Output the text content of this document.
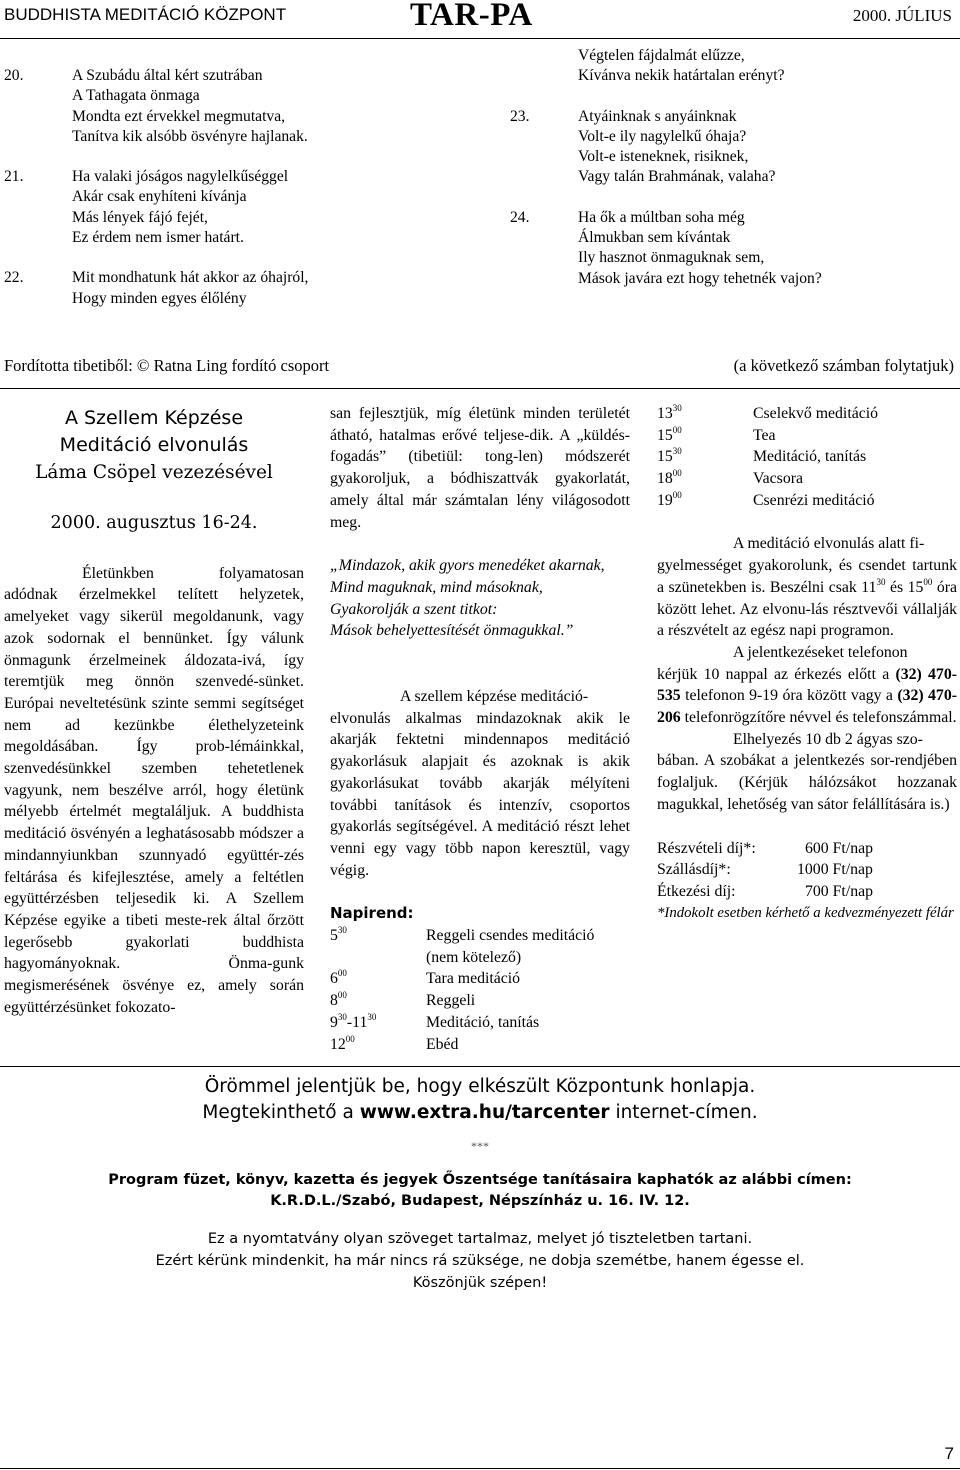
BUDDHISTA MEDITÁCIÓ KÖZPONT	TAR-PA	2000. JÚLIUS
20.	A Szubádu által kért szutrában
A Tathagata önmaga
Mondta ezt érvekkel megmutatva,
Tanítva kik alsóbb ösvényre hajlanak.
21.	Ha valaki jóságos nagylelkűséggel
Akár csak enyhíteni kívánja
Más lények fájó fejét,
Ez érdem nem ismer határt.
22.	Mit mondhatunk hát akkor az óhajról,
Hogy minden egyes élőlény
Végtelen fájdalmát elűzze,
Kívánva nekik határtalan erényt?
23.	Atyáinknak s anyáinknak
Volt-e ily nagylelkű óhaja?
Volt-e isteneknek, risiknek,
Vagy talán Brahmának, valaha?
24.	Ha ők a múltban soha még
Álmukban sem kívántak
Ily hasznot önmaguknak sem,
Mások javára ezt hogy tehetnék vajon?
Fordította tibetiből: © Ratna Ling fordító csoport	(a következő számban folytatjuk)
A Szellem Képzése
Meditáció elvonulás
Láma Csöpel vezezésével
2000. augusztus 16-24.

Életünkben folyamatosan

adódnak érzelmekkel telített helyzetek, amelyeket vagy sikerül megoldanunk, vagy azok sodornak el bennünket. Így válunk önmagunk érzelmeinek áldozata-ivá, így teremtjük meg önnön szenvedé-sünket. Európai neveltetésünk szinte semmi segítséget nem ad kezünkbe élethelyzeteink megoldásában. Így prob-lémáinkkal, szenvedésünkkel szemben tehetetlenek vagyunk, nem beszélve arról, hogy életünk mélyebb értelmét megtaláljuk. A buddhista meditáció ösvényén a leghatásosabb módszer a mindannyiunkban szunnyadó együttér-zés feltárása és kifejlesztése, amely a feltétlen együttérzésben teljesedik ki. A Szellem Képzése egyike a tibeti meste-rek által őrzött legerősebb gyakorlati buddhista hagyományoknak. Önma-gunk megismerésének ösvénye ez, amely során együttérzésünket fokozato-

san fejlesztjük, míg életünk minden területét átható, hatalmas erővé teljese-dik. A „küldés-fogadás” (tibetiül: tong-len) módszerét gyakoroljuk, a bódhiszattvák gyakorlatát, amely által már számtalan lény világosodott meg.

„Mindazok, akik gyors menedéket akarnak,
Mind maguknak, mind másoknak,
Gyakorolják a szent titkot:
Mások behelyettesítését önmagukkal.”

A szellem képzése meditáció-

elvonulás alkalmas mindazoknak akik le akarják fektetni mindennapos meditáció gyakorlásuk alapjait és azoknak is akik gyakorlásukat tovább akarják mélyíteni további tanítások és intenzív, csoportos gyakorlás segítségével. A meditáció részt lehet venni egy vagy több napon keresztül, vagy végig.

Napirend:
$5^{30}$	Reggeli csendes meditáció
(nem kötelező)
$6^{00}$	Tara meditáció
$8^{00}$	Reggeli
$9^{30}-11^{30}$	Meditáció, tanítás
$12^{00}$	Ebéd
$13^{30}$	Cselekvő meditáció
$15^{00}$	Tea
$15^{30}$	Meditáció, tanítás
$18^{00}$	Vacsora
$19^{00}$	Csenrézi meditáció

A meditáció elvonulás alatt fi-

gyelmességet gyakorolunk, és csendet tartunk a szünetekben is. Beszélni csak $11^{30}$ és $15^{00}$ óra között lehet. Az elvonu-lás résztvevői vállalják a részvételt az egész napi programon.

A jelentkezéseket telefonon

kérjük 10 nappal az érkezés előtt a (32) 470-535 telefonon 9-19 óra között vagy a (32) 470-206 telefonrögzítőre névvel és telefonszámmal.

Elhelyezés 10 db 2 ágyas szo-

bában. A szobákat a jelentkezés sor-rendjében foglaljuk. (Kérjük hálózsákot hozzanak magukkal, lehetőség van sátor felállítására is.)

Részvételi díj*:	600 Ft/nap
Szállásdíj*:	1000 Ft/nap
Étkezési díj:	700 Ft/nap
*Indokolt esetben kérhető a kedvezményezett félár
Örömmel jelentjük be, hogy elkészült Központunk honlapja.
Megtekinthető a www.extra.hu/tarcenter internet-címen.
***
Program füzet, könyv, kazetta és jegyek Őszentsége tanításaira kaphatók az alábbi címen:
K.R.D.L./Szabó, Budapest, Népszínház u. 16. IV. 12.
Ez a nyomtatvány olyan szöveget tartalmaz, melyet jó tiszteletben tartani.
Ezért kérünk mindenkit, ha már nincs rá szüksége, ne dobja szemétbe, hanem égesse el.
Köszönjük szépen!
7
